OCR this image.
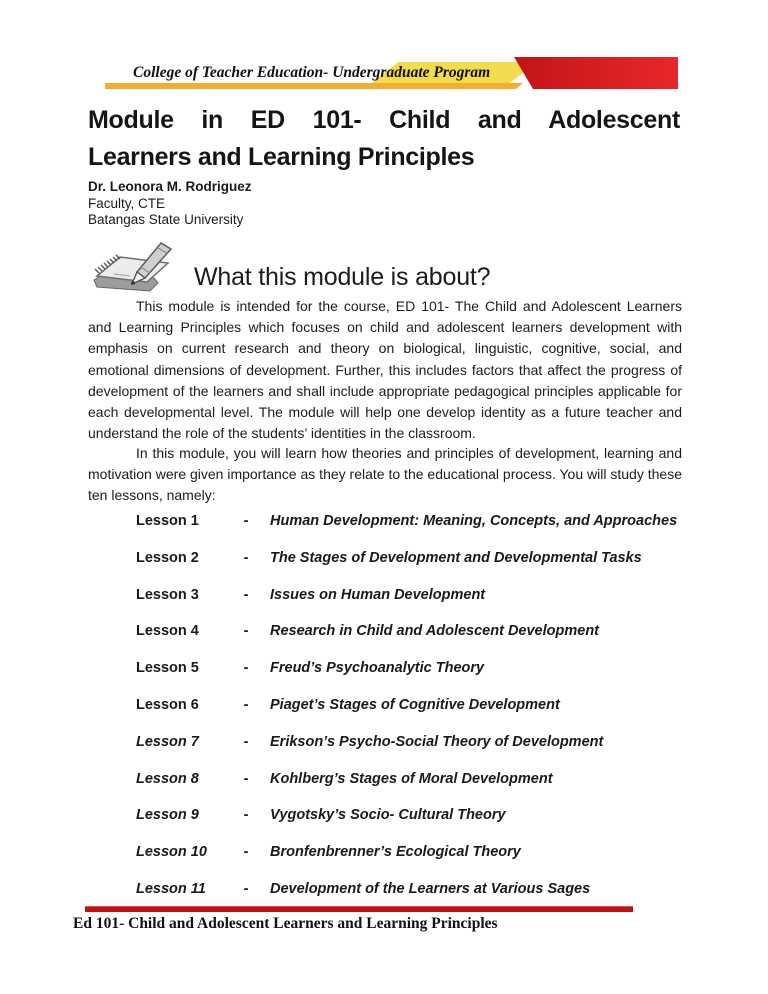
College of Teacher Education- Undergraduate Program
Module in ED 101- Child and Adolescent
Learners and Learning Principles
Dr. Leonora M. Rodriguez
Faculty, CTE
Batangas State University
What this module is about?
This module is intended for the course, ED 101- The Child and Adolescent Learners and Learning Principles which focuses on child and adolescent learners development with emphasis on current research and theory on biological, linguistic, cognitive, social, and emotional dimensions of development. Further, this includes factors that affect the progress of development of the learners and shall include appropriate pedagogical principles applicable for each developmental level. The module will help one develop identity as a future teacher and understand the role of the students’ identities in the classroom.
In this module, you will learn how theories and principles of development, learning and motivation were given importance as they relate to the educational process. You will study these ten lessons, namely:
Lesson 1	-	Human Development: Meaning, Concepts, and Approaches
Lesson 2	-	The Stages of Development and Developmental Tasks
Lesson 3	-	Issues on Human Development
Lesson 4	-	Research in Child and Adolescent Development
Lesson 5	-	Freud’s Psychoanalytic Theory
Lesson 6	-	Piaget’s Stages of Cognitive Development
Lesson 7	-	Erikson’s Psycho-Social Theory of Development
Lesson 8	-	Kohlberg’s Stages of Moral Development
Lesson 9	-	Vygotsky’s Socio- Cultural Theory
Lesson 10	-	Bronfenbrenner’s Ecological Theory
Lesson 11	-	Development of the Learners at Various Sages
Ed 101- Child and Adolescent Learners and Learning Principles
